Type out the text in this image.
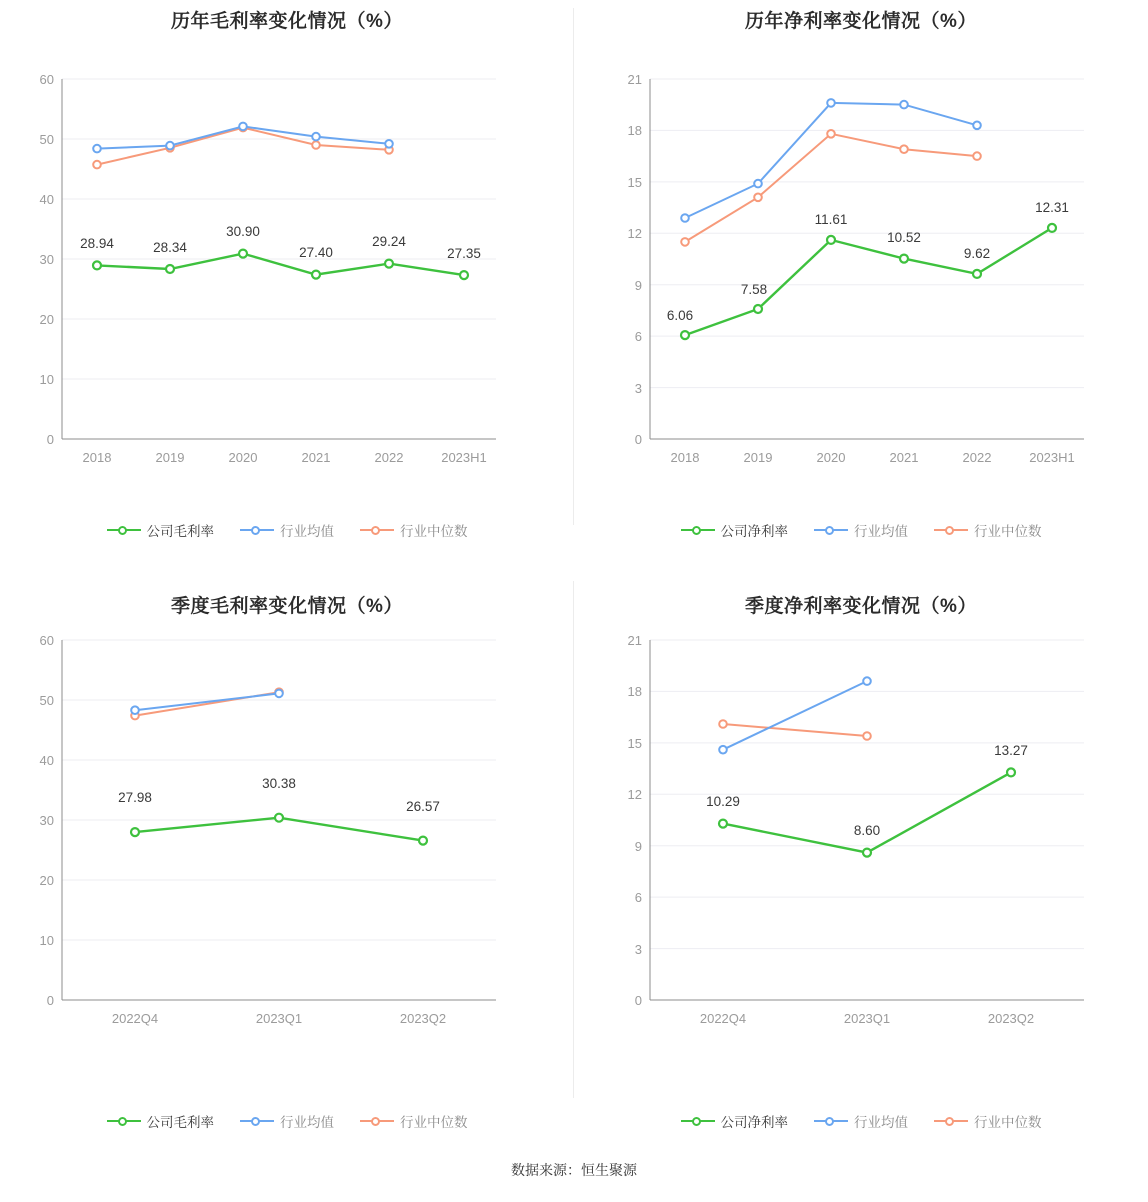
历年毛利率变化情况（%）
60
50
40
30
20
10
0
2018	2019	2020	2021	2022	2023H1
28.94	28.34
30.90
27.40
29.24
27.35
公司毛利率	行业均值	行业中位数
历年净利率变化情况（%）
21
18
15
12
9
6
3
0
2018	2019	2020	2021	2022	2023H1
6.06
7.58
11.61
10.52
9.62
12.31
公司净利率	行业均值	行业中位数
季度毛利率变化情况（%）
60
50
40
30
20
10
0
2022Q4	2023Q1	2023Q2
27.98
30.38
26.57
公司毛利率	行业均值	行业中位数
季度净利率变化情况（%）
21
18
15
12
9
6
3
0
2022Q4	2023Q1	2023Q2
10.29
8.60
13.27
公司净利率	行业均值	行业中位数
数据来源：恒生聚源
